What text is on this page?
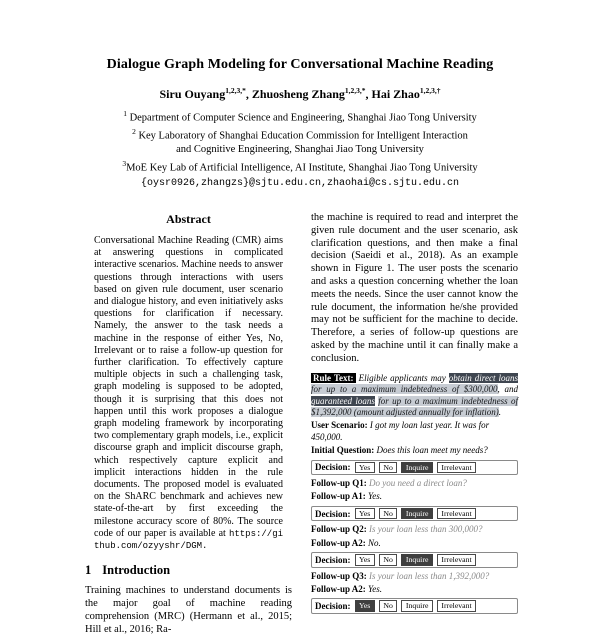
Dialogue Graph Modeling for Conversational Machine Reading
Siru Ouyang$^{1,2,3,*}$, Zhuosheng Zhang$^{1,2,3,*}$, Hai Zhao$^{1,2,3,\dagger}$
$^1$ Department of Computer Science and Engineering, Shanghai Jiao Tong University
$^2$ Key Laboratory of Shanghai Education Commission for Intelligent Interaction
and Cognitive Engineering, Shanghai Jiao Tong University
$^3$MoE Key Lab of Artificial Intelligence, AI Institute, Shanghai Jiao Tong University
{oysr0926,zhangzs}@sjtu.edu.cn,zhaohai@cs.sjtu.edu.cn
Abstract

Conversational Machine Reading (CMR) aims at answering questions in complicated interactive scenarios. Machine needs to answer questions through interactions with users based on given rule document, user scenario and dialogue history, and even initiatively asks questions for clarification if necessary. Namely, the answer to the task needs a machine in the response of either Yes, No, Irrelevant or to raise a follow-up question for further clarification. To effectively capture multiple objects in such a challenging task, graph modeling is supposed to be adopted, though it is surprising that this does not happen until this work proposes a dialogue graph modeling framework by incorporating two complementary graph models, i.e., explicit discourse graph and implicit discourse graph, which respectively capture explicit and implicit interactions hidden in the rule documents. The proposed model is evaluated on the ShARC benchmark and achieves new state-of-the-art by first exceeding the milestone accuracy score of 80%. The source code of our paper is available at https://github.com/ozyyshr/DGM.

1 Introduction

Training machines to understand documents is the major goal of machine reading comprehension (MRC) (Hermann et al., 2015; Hill et al., 2016; Ra-

the machine is required to read and interpret the given rule document and the user scenario, ask clarification questions, and then make a final decision (Saeidi et al., 2018). As an example shown in Figure 1. The user posts the scenario and asks a question concerning whether the loan meets the needs. Since the user cannot know the rule document, the information he/she provided may not be sufficient for the machine to decide. Therefore, a series of follow-up questions are asked by the machine until it can finally make a conclusion.

Rule Text: Eligible applicants may obtain direct loans for up to a maximum indebtedness of $300,000, and guaranteed loans for up to a maximum indebtedness of $1,392,000 (amount adjusted annually for inflation).
User Scenario: I got my loan last year. It was for 450,000.
Initial Question: Does this loan meet my needs?
Decision:	Yes	No	Inquire	Irrelevant
Follow-up Q1: Do you need a direct loan?
Follow-up A1: Yes.
Decision:	Yes	No	Inquire	Irrelevant
Follow-up Q2: Is your loan less than 300,000?
Follow-up A2: No.
Decision:	Yes	No	Inquire	Irrelevant
Follow-up Q3: Is your loan less than 1,392,000?
Follow-up A2: Yes.
Decision:	Yes	No	Inquire	Irrelevant
